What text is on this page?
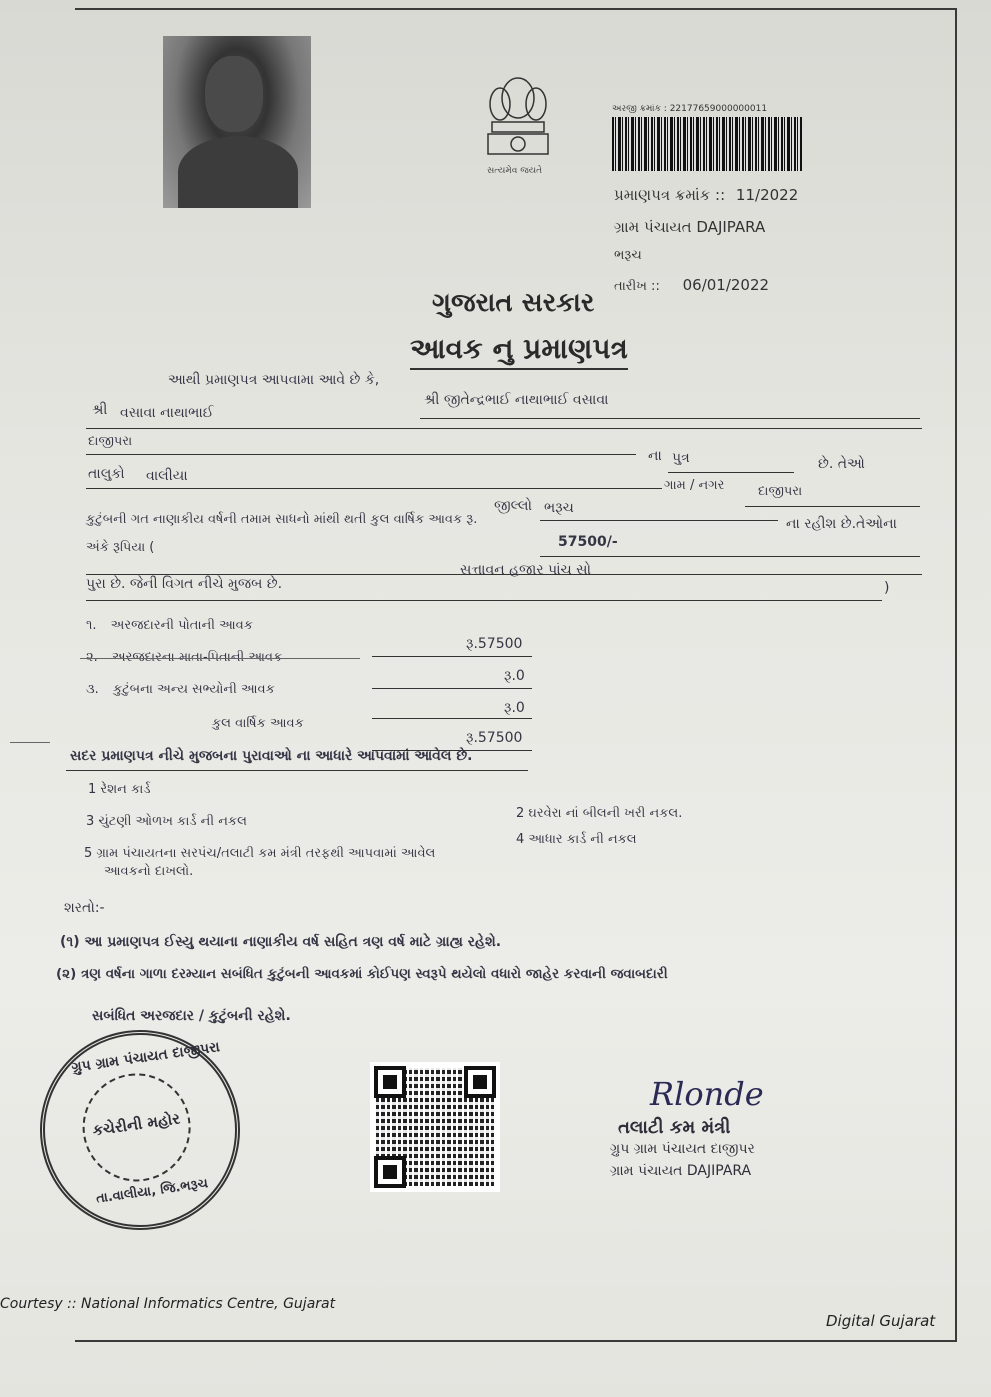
સત્યમેવ જયતે
અરજી ક્રમાંક : 22177659000000011
પ્રમાણપત્ર ક્રમાંક :: 11/2022
ગ્રામ પંચાયત DAJIPARA
ભરૂચ
તારીખ :: 06/01/2022
ગુજરાત સરકાર
આવક નુ પ્રમાણપત્ર
આથી પ્રમાણપત્ર આપવામા આવે છે કે,
શ્રી જીતેન્દ્રભાઈ નાથાભાઈ વસાવા
શ્રી વસાવા નાથાભાઈ
દાજીપરા
ના પુત્ર	છે. તેઓ
તાલુકો વાલીયા
ગામ / નગર	દાજીપરા
જીલ્લો ભરૂચ
ના રહીશ છે.તેઓના
કુટુંબની ગત નાણાકીય વર્ષની તમામ સાધનો માંથી થતી કુલ વાર્ષિક આવક રૂ.
57500/-
અંકે રૂપિયા (
સત્તાવન હજાર પાંચ સો
)
પુરા છે. જેની વિગત નીચે મુજબ છે.
૧. અરજદારની પોતાની આવક
રૂ.57500
૨. અરજદારના માતા-પિતાની આવક
રૂ.0
૩. કુટુંબના અન્ય સભ્યોની આવક
રૂ.0
કુલ વાર્ષિક આવક
રૂ.57500
સદર પ્રમાણપત્ર નીચે મુજબના પુરાવાઓ ના આધારે આપવામાં આવેલ છે.
1 રેશન કાર્ડ
2 ઘરવેરા નાં બીલની ખરી નકલ.
3 ચુંટણી ઓળખ કાર્ડ ની નકલ
4 આધાર કાર્ડ ની નકલ
5 ગ્રામ પંચાયતના સરપંચ/તલાટી કમ મંત્રી તરફથી આપવામાં આવેલ
આવકનો દાખલો.
શરતો:-
(૧) આ પ્રમાણપત્ર ઈસ્યુ થયાના નાણાકીય વર્ષ સહિત ત્રણ વર્ષ માટે ગ્રાહ્ય રહેશે.
(૨) ત્રણ વર્ષના ગાળા દરમ્યાન સબંધિત કુટુંબની આવકમાં કોઈપણ સ્વરૂપે થયેલો વધારો જાહેર કરવાની જવાબદારી
સબંધિત અરજદાર / કુટુંબની રહેશે.
ગ્રુપ ગ્રામ પંચાયત દાજીપરા
કચેરીની મહોર
તા.વાલીયા, જિ.ભરૂચ
Rlonde
તલાટી કમ મંત્રી
ગ્રુપ ગ્રામ પંચાયત દાજીપર
ગ્રામ પંચાયત DAJIPARA
Courtesy :: National Informatics Centre, Gujarat
Digital Gujarat
